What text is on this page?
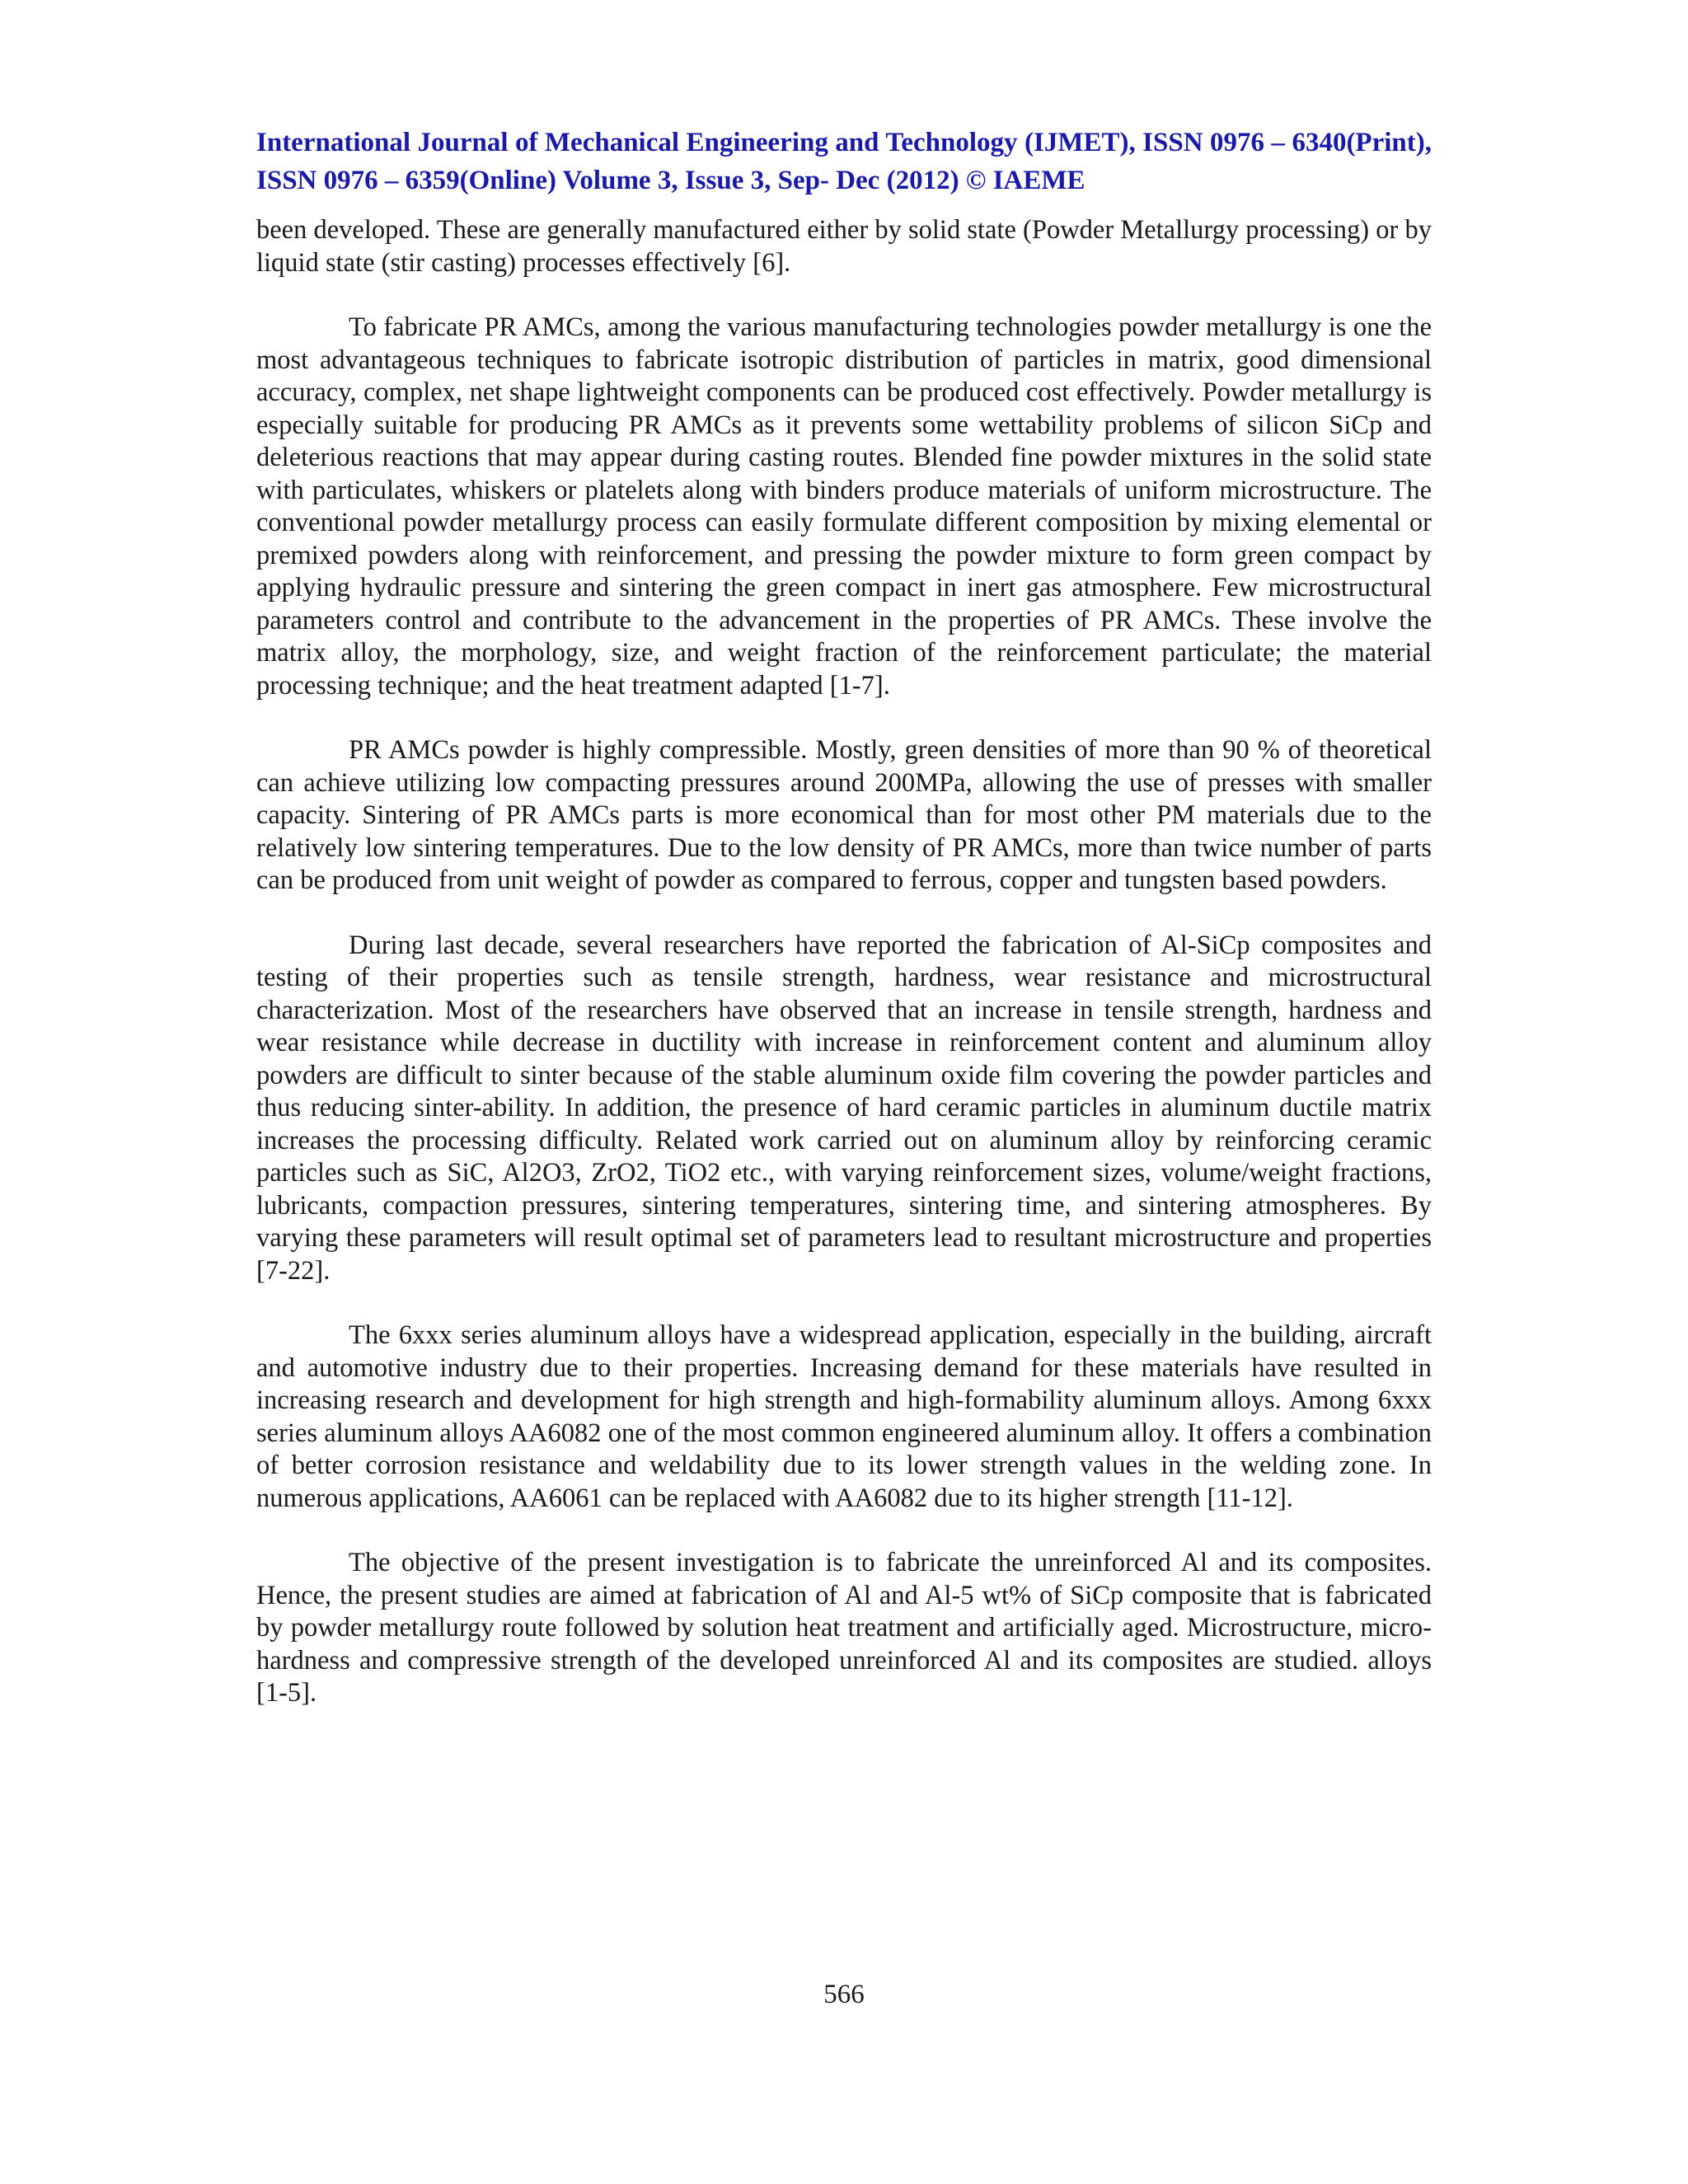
International Journal of Mechanical Engineering and Technology (IJMET), ISSN 0976 – 6340(Print), ISSN 0976 – 6359(Online) Volume 3, Issue 3, Sep- Dec (2012) © IAEME

been developed. These are generally manufactured either by solid state (Powder Metallurgy processing) or by liquid state (stir casting) processes effectively [6].

To fabricate PR AMCs, among the various manufacturing technologies powder metallurgy is one the most advantageous techniques to fabricate isotropic distribution of particles in matrix, good dimensional accuracy, complex, net shape lightweight components can be produced cost effectively. Powder metallurgy is especially suitable for producing PR AMCs as it prevents some wettability problems of silicon SiCp and deleterious reactions that may appear during casting routes. Blended fine powder mixtures in the solid state with particulates, whiskers or platelets along with binders produce materials of uniform microstructure. The conventional powder metallurgy process can easily formulate different composition by mixing elemental or premixed powders along with reinforcement, and pressing the powder mixture to form green compact by applying hydraulic pressure and sintering the green compact in inert gas atmosphere. Few microstructural parameters control and contribute to the advancement in the properties of PR AMCs. These involve the matrix alloy, the morphology, size, and weight fraction of the reinforcement particulate; the material processing technique; and the heat treatment adapted [1-7].

PR AMCs powder is highly compressible. Mostly, green densities of more than 90 % of theoretical can achieve utilizing low compacting pressures around 200MPa, allowing the use of presses with smaller capacity. Sintering of PR AMCs parts is more economical than for most other PM materials due to the relatively low sintering temperatures. Due to the low density of PR AMCs, more than twice number of parts can be produced from unit weight of powder as compared to ferrous, copper and tungsten based powders.

During last decade, several researchers have reported the fabrication of Al-SiCp composites and testing of their properties such as tensile strength, hardness, wear resistance and microstructural characterization. Most of the researchers have observed that an increase in tensile strength, hardness and wear resistance while decrease in ductility with increase in reinforcement content and aluminum alloy powders are difficult to sinter because of the stable aluminum oxide film covering the powder particles and thus reducing sinter-ability. In addition, the presence of hard ceramic particles in aluminum ductile matrix increases the processing difficulty. Related work carried out on aluminum alloy by reinforcing ceramic particles such as SiC, Al2O3, ZrO2, TiO2 etc., with varying reinforcement sizes, volume/weight fractions, lubricants, compaction pressures, sintering temperatures, sintering time, and sintering atmospheres. By varying these parameters will result optimal set of parameters lead to resultant microstructure and properties [7-22].

The 6xxx series aluminum alloys have a widespread application, especially in the building, aircraft and automotive industry due to their properties. Increasing demand for these materials have resulted in increasing research and development for high strength and high-formability aluminum alloys. Among 6xxx series aluminum alloys AA6082 one of the most common engineered aluminum alloy. It offers a combination of better corrosion resistance and weldability due to its lower strength values in the welding zone. In numerous applications, AA6061 can be replaced with AA6082 due to its higher strength [11-12].

The objective of the present investigation is to fabricate the unreinforced Al and its composites. Hence, the present studies are aimed at fabrication of Al and Al-5 wt% of SiCp composite that is fabricated by powder metallurgy route followed by solution heat treatment and artificially aged. Microstructure, micro-hardness and compressive strength of the developed unreinforced Al and its composites are studied. alloys [1-5].

566
